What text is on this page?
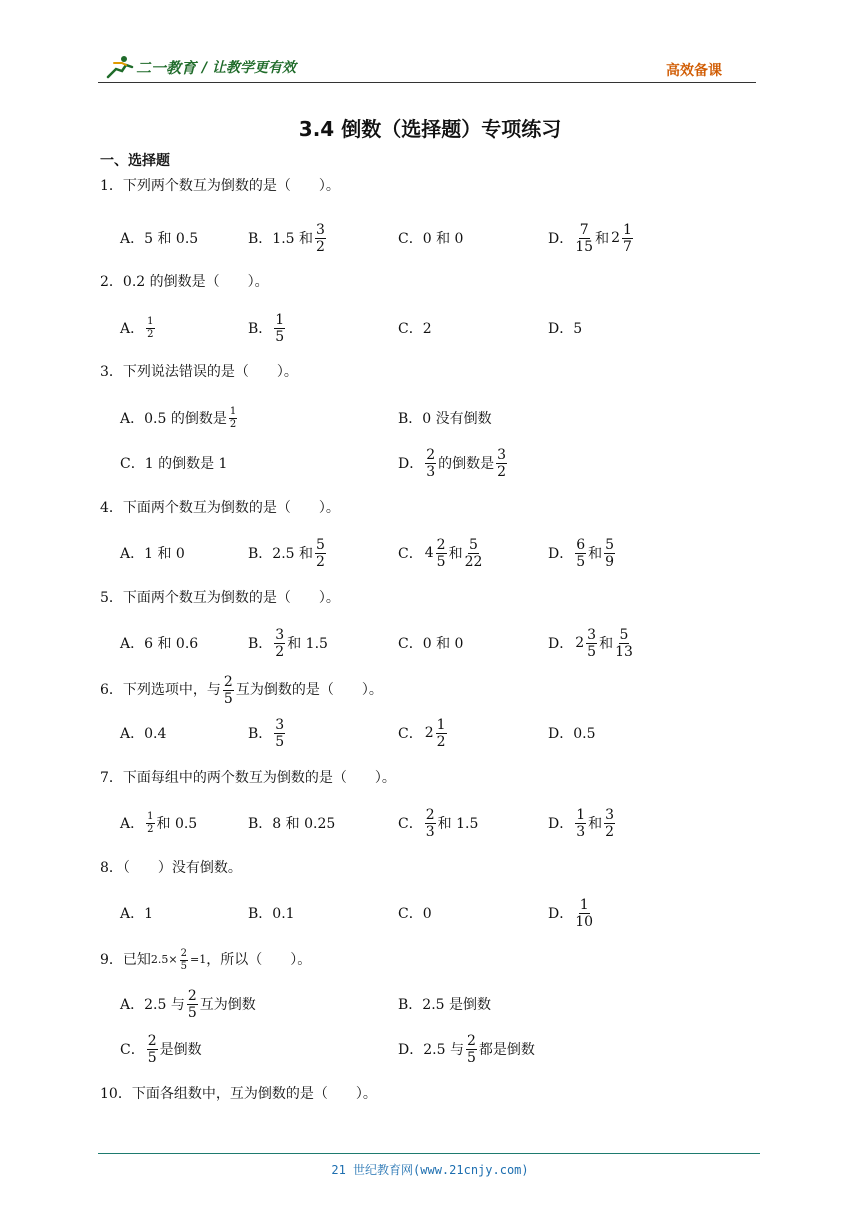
二一教育 / 让教学更有效	高效备课
3.4 倒数（选择题）专项练习
一、选择题
1．下列两个数互为倒数的是（　　）。
A．5 和 0.5	B．1.5 和 $\frac{3}{2}$	C．0 和 0	D． $\frac{7}{15}$ 和 $2 \frac{1}{7}$
2．0.2 的倒数是（　　）。
A． $\frac{1}{2}$	B． $\frac{1}{5}$	C．2	D．5
3．下列说法错误的是（　　）。
A．0.5 的倒数是 $\frac{1}{2}$	B．0 没有倒数
C．1 的倒数是 1	D． $\frac{2}{3}$ 的倒数是 $\frac{3}{2}$
4．下面两个数互为倒数的是（　　）。
A．1 和 0	B．2.5 和 $\frac{5}{2}$	C． $4 \frac{2}{5}$ 和 $\frac{5}{22}$	D． $\frac{6}{5}$ 和 $\frac{5}{9}$
5．下面两个数互为倒数的是（　　）。
A．6 和 0.6	B． $\frac{3}{2}$ 和 1.5	C．0 和 0	D． $2 \frac{3}{5}$ 和 $\frac{5}{13}$
6．下列选项中，与 $\frac{2}{5}$ 互为倒数的是（　　）。
A．0.4	B． $\frac{3}{5}$	C． $2 \frac{1}{2}$	D．0.5
7．下面每组中的两个数互为倒数的是（　　）。
A． $\frac{1}{2}$ 和 0.5	B．8 和 0.25	C． $\frac{2}{3}$ 和 1.5	D． $\frac{1}{3}$ 和 $\frac{3}{2}$
8．（　　）没有倒数。
A．1	B．0.1	C．0	D． $\frac{1}{10}$
9．已知 $2.5\times \frac{2}{5} =1$ ，所以（　　）。
A．2.5 与 $\frac{2}{5}$ 互为倒数	B．2.5 是倒数
C． $\frac{2}{5}$ 是倒数	D．2.5 与 $\frac{2}{5}$ 都是倒数
10．下面各组数中，互为倒数的是（　　）。
21 世纪教育网(www.21cnjy.com)
